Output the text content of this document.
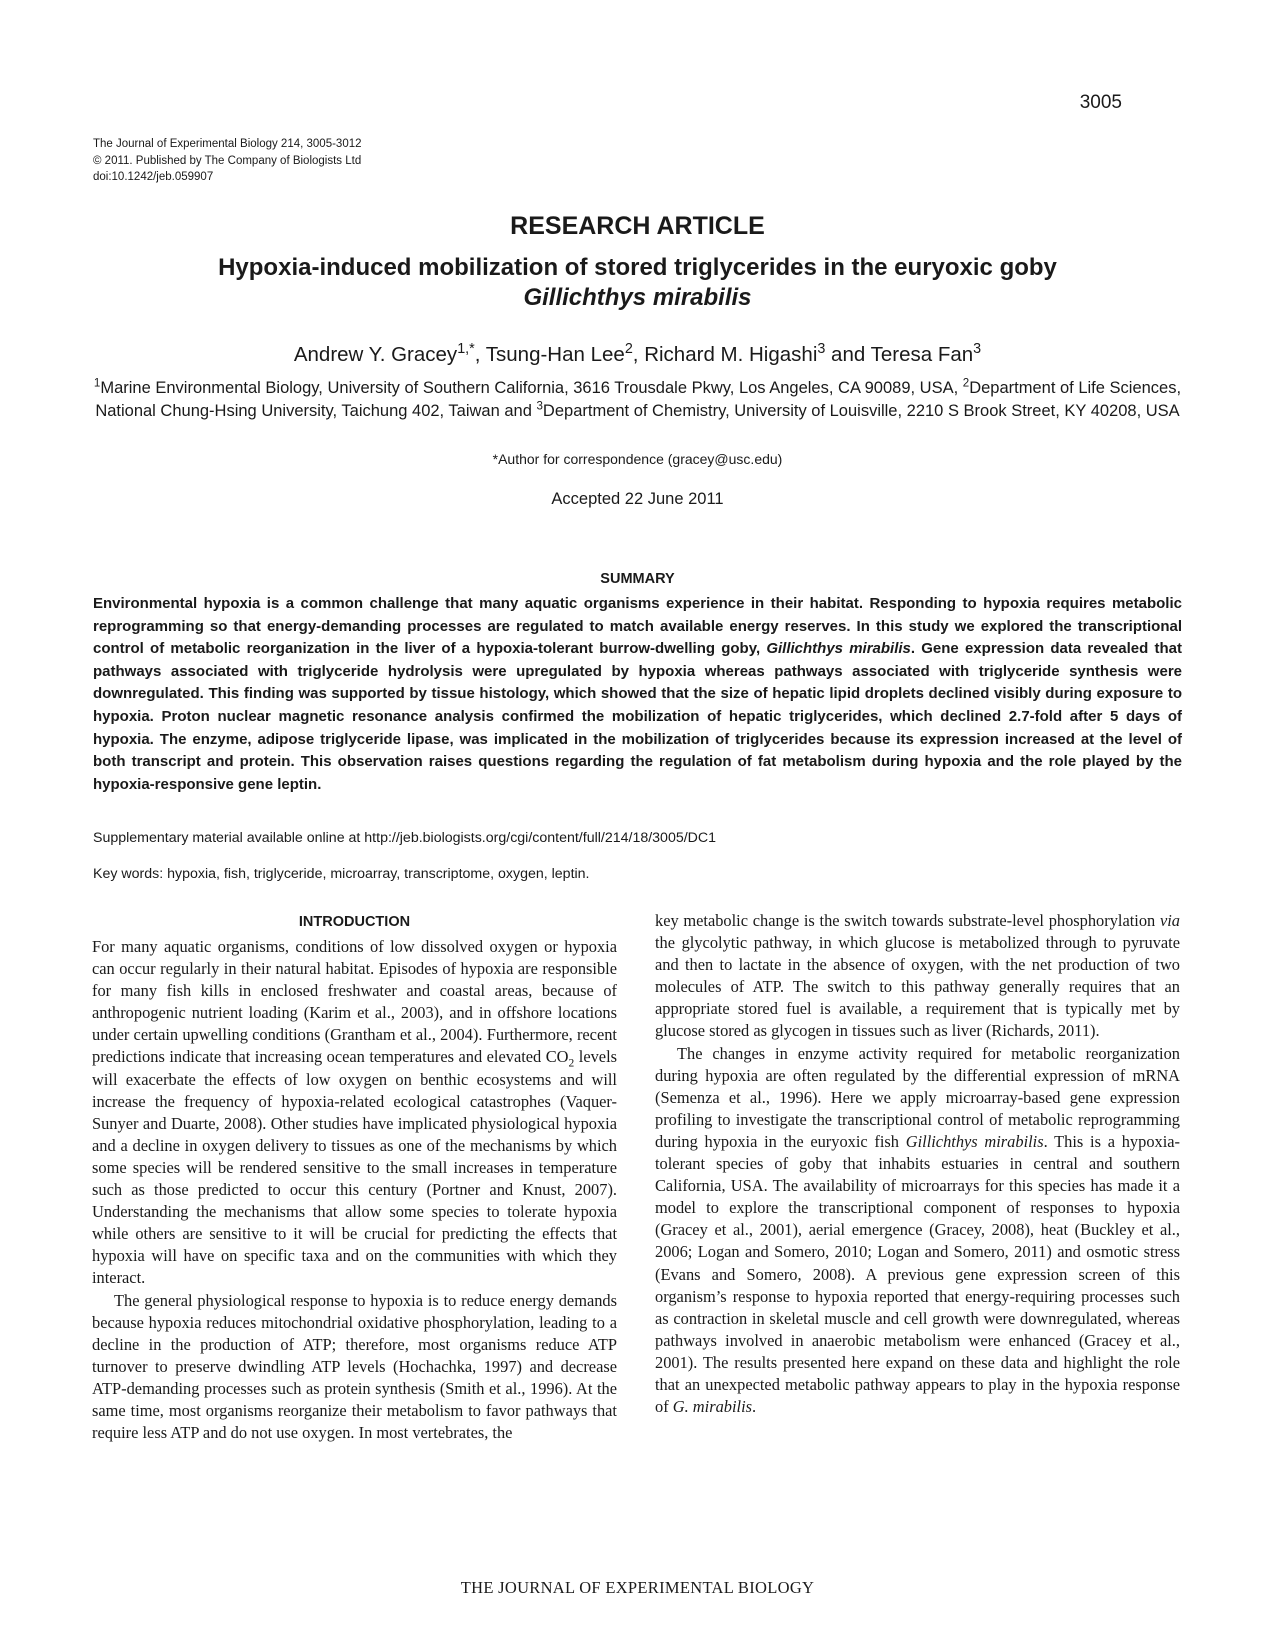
3005
The Journal of Experimental Biology 214, 3005-3012
© 2011. Published by The Company of Biologists Ltd
doi:10.1242/jeb.059907
RESEARCH ARTICLE
Hypoxia-induced mobilization of stored triglycerides in the euryoxic goby
Gillichthys mirabilis
Andrew Y. Gracey$^{1,*}$, Tsung-Han Lee$^2$, Richard M. Higashi$^3$ and Teresa Fan$^3$
$^1$Marine Environmental Biology, University of Southern California, 3616 Trousdale Pkwy, Los Angeles, CA 90089, USA, $^2$Department of Life Sciences, National Chung-Hsing University, Taichung 402, Taiwan and $^3$Department of Chemistry, University of Louisville, 2210 S Brook Street, KY 40208, USA
*Author for correspondence (gracey@usc.edu)
Accepted 22 June 2011
SUMMARY

Environmental hypoxia is a common challenge that many aquatic organisms experience in their habitat. Responding to hypoxia requires metabolic reprogramming so that energy-demanding processes are regulated to match available energy reserves. In this study we explored the transcriptional control of metabolic reorganization in the liver of a hypoxia-tolerant burrow-dwelling goby, Gillichthys mirabilis. Gene expression data revealed that pathways associated with triglyceride hydrolysis were upregulated by hypoxia whereas pathways associated with triglyceride synthesis were downregulated. This finding was supported by tissue histology, which showed that the size of hepatic lipid droplets declined visibly during exposure to hypoxia. Proton nuclear magnetic resonance analysis confirmed the mobilization of hepatic triglycerides, which declined 2.7-fold after 5 days of hypoxia. The enzyme, adipose triglyceride lipase, was implicated in the mobilization of triglycerides because its expression increased at the level of both transcript and protein. This observation raises questions regarding the regulation of fat metabolism during hypoxia and the role played by the hypoxia-responsive gene leptin.

Supplementary material available online at http://jeb.biologists.org/cgi/content/full/214/18/3005/DC1
Key words: hypoxia, fish, triglyceride, microarray, transcriptome, oxygen, leptin.
INTRODUCTION

For many aquatic organisms, conditions of low dissolved oxygen or hypoxia can occur regularly in their natural habitat. Episodes of hypoxia are responsible for many fish kills in enclosed freshwater and coastal areas, because of anthropogenic nutrient loading (Karim et al., 2003), and in offshore locations under certain upwelling conditions (Grantham et al., 2004). Furthermore, recent predictions indicate that increasing ocean temperatures and elevated $CO_2$ levels will exacerbate the effects of low oxygen on benthic ecosystems and will increase the frequency of hypoxia-related ecological catastrophes (Vaquer-Sunyer and Duarte, 2008). Other studies have implicated physiological hypoxia and a decline in oxygen delivery to tissues as one of the mechanisms by which some species will be rendered sensitive to the small increases in temperature such as those predicted to occur this century (Portner and Knust, 2007). Understanding the mechanisms that allow some species to tolerate hypoxia while others are sensitive to it will be crucial for predicting the effects that hypoxia will have on specific taxa and on the communities with which they interact.

The general physiological response to hypoxia is to reduce energy demands because hypoxia reduces mitochondrial oxidative phosphorylation, leading to a decline in the production of ATP; therefore, most organisms reduce ATP turnover to preserve dwindling ATP levels (Hochachka, 1997) and decrease ATP-demanding processes such as protein synthesis (Smith et al., 1996). At the same time, most organisms reorganize their metabolism to favor pathways that require less ATP and do not use oxygen. In most vertebrates, the

key metabolic change is the switch towards substrate-level phosphorylation via the glycolytic pathway, in which glucose is metabolized through to pyruvate and then to lactate in the absence of oxygen, with the net production of two molecules of ATP. The switch to this pathway generally requires that an appropriate stored fuel is available, a requirement that is typically met by glucose stored as glycogen in tissues such as liver (Richards, 2011).

The changes in enzyme activity required for metabolic reorganization during hypoxia are often regulated by the differential expression of mRNA (Semenza et al., 1996). Here we apply microarray-based gene expression profiling to investigate the transcriptional control of metabolic reprogramming during hypoxia in the euryoxic fish Gillichthys mirabilis. This is a hypoxia-tolerant species of goby that inhabits estuaries in central and southern California, USA. The availability of microarrays for this species has made it a model to explore the transcriptional component of responses to hypoxia (Gracey et al., 2001), aerial emergence (Gracey, 2008), heat (Buckley et al., 2006; Logan and Somero, 2010; Logan and Somero, 2011) and osmotic stress (Evans and Somero, 2008). A previous gene expression screen of this organism’s response to hypoxia reported that energy-requiring processes such as contraction in skeletal muscle and cell growth were downregulated, whereas pathways involved in anaerobic metabolism were enhanced (Gracey et al., 2001). The results presented here expand on these data and highlight the role that an unexpected metabolic pathway appears to play in the hypoxia response of G. mirabilis.

THE JOURNAL OF EXPERIMENTAL BIOLOGY
